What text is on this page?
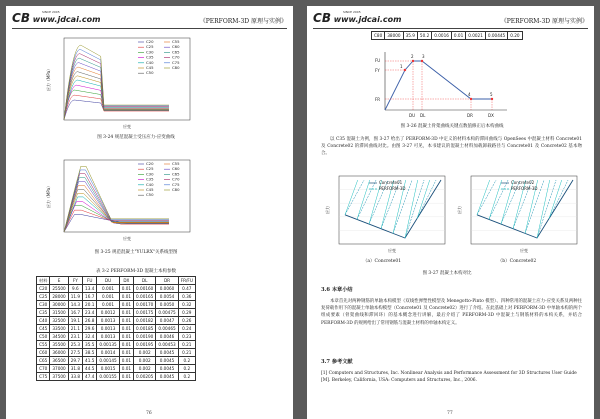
CB www.jdcai.com
SINCE 2005
《PERFORM-3D 原理与实例》
应力（MPa）
应变
C20
C25
C30
C35
C40
C45
C50
C55
C60
C65
C70
C75
C80
图 3-24 规范混凝土受压应力-应变曲线
应力（MPa）
应变
C20
C25
C30
C35
C40
C45
C50
C55
C60
C65
C70
C75
C80
图 3-25 规范混凝土"YULRX"关系线型图
表 3-2 PERFORM-3D 混凝土本构参数
材料	E	FY	FU	DU	DX	DL	DR	FR/FU
C20	25500	9.6	13.4	0.001	0.01	0.00160	0.0060	0.47
C25	28000	11.9	16.7	0.001	0.01	0.00165	0.0054	0.36
C30	30000	14.3	20.1	0.001	0.01	0.00170	0.0050	0.32
C35	31500	16.7	23.4	0.0012	0.01	0.00175	0.00475	0.29
C40	32500	19.1	26.8	0.0013	0.01	0.00182	0.0047	0.26
C45	33500	21.1	29.6	0.0013	0.01	0.00185	0.00465	0.24
C50	34500	23.1	32.4	0.0013	0.01	0.00190	0.0046	0.23
C55	35500	25.3	35.5	0.00135	0.01	0.00195	0.00453	0.21
C60	36000	27.5	38.5	0.0014	0.01	0.002	0.0045	0.21
C65	36500	29.7	41.5	0.00145	0.01	0.002	0.0045	0.2
C70	37000	31.8	44.5	0.0015	0.01	0.002	0.0045	0.2
C75	37500	33.8	47.4	0.00155	0.01	0.00205	0.0045	0.2
76
CB www.jdcai.com
SINCE 2005
《PERFORM-3D 原理与实例》
C80	38000	35.9	50.2	0.0016	0.01	0.0021	0.00445	0.20
FU
FY
FR
DU DL	DR	DX
1
2 3
4	5
图 3-26 混凝土骨架曲线关键点数值修正后本构曲线
以 C35 混凝土为例，图 3-27 给出了 PERFORM-3D 中定义的材料本构的滞回曲线与 OpenSees 中混凝土材料 Concrete01 及 Concrete02 的滞回曲线对比。由图 3-27 可见，本书建议的混凝土材料加载卸载路径与 Concrete01 及 Concrete02 基本吻合。
应力
应变
Concrete01
PERFORM-3D
应力
应变
Concrete02
PERFORM-3D
（a）Concrete01	（b）Concrete02
图 3-27 混凝土本构对比
3.6 本章小结
本章首先对两种钢筋的单轴本构模型（双线性弹塑性模型及 Menegotto-Pinto 模型）、四种常用的混凝土应力-应变关系及两种往复荷载作用下的混凝土单轴本构模型（Concrete01 及 Concrete02）进行了介绍。在此基础上对 PERFORM-3D 中单轴本构的两个组成要素（骨架曲线和滞回环）的基本概念进行讲解，最后介绍了 PERFORM-3D 中混凝土与钢筋材料的本构关系，并结合 PERFORM-3D 的规则给出了常用钢筋与混凝土材料的单轴本构定义。
3.7 参考文献
[1] Computers and Structures, Inc. Nonlinear Analysis and Performance Assessment for 3D Structures User Guide [M]. Berkeley, California, USA: Computers and Structures, Inc., 2006.
77
